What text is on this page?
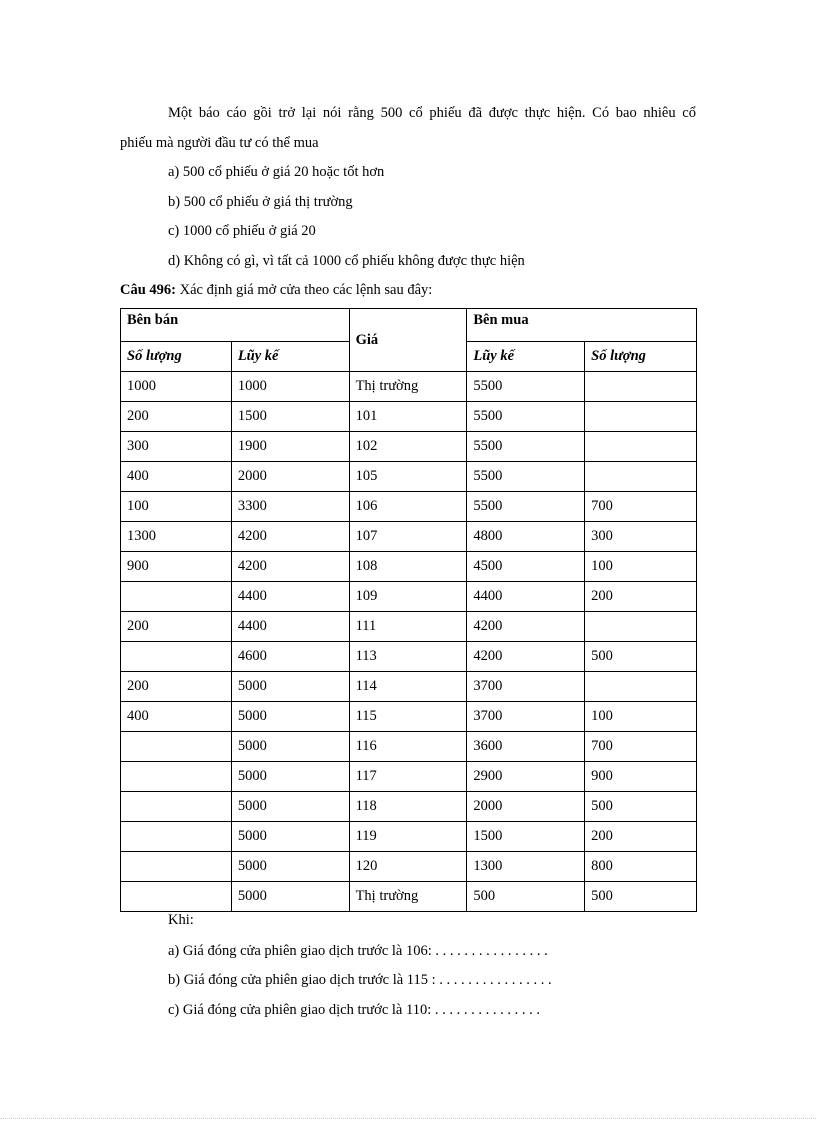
Một báo cáo gồi trở lại nói rằng 500 cổ phiếu đã được thực hiện. Có bao nhiêu cổ
phiếu mà người đầu tư có thể mua
a) 500 cổ phiếu ở giá 20 hoặc tốt hơn
b) 500 cổ phiếu ở giá thị trường
c) 1000 cổ phiếu ở giá 20
d) Không có gì, vì tất cả 1000 cổ phiếu không được thực hiện
Câu 496: Xác định giá mở cửa theo các lệnh sau đây:
Bên bán		Giá	Bên mua	
Số lượng	Lũy kế		Lũy kế	Số lượng
1000	1000	Thị trường	5500	
200	1500	101	5500	
300	1900	102	5500	
400	2000	105	5500	
100	3300	106	5500	700
1300	4200	107	4800	300
900	4200	108	4500	100
	4400	109	4400	200
200	4400	111	4200	
	4600	113	4200	500
200	5000	114	3700	
400	5000	115	3700	100
	5000	116	3600	700
	5000	117	2900	900
	5000	118	2000	500
	5000	119	1500	200
	5000	120	1300	800
	5000	Thị trường	500	500
Khi:
a) Giá đóng cửa phiên giao dịch trước là 106: . . . . . . . . . . . . . . . .
b) Giá đóng cửa phiên giao dịch trước là 115 : . . . . . . . . . . . . . . . .
c) Giá đóng cửa phiên giao dịch trước là 110: . . . . . . . . . . . . . . .
